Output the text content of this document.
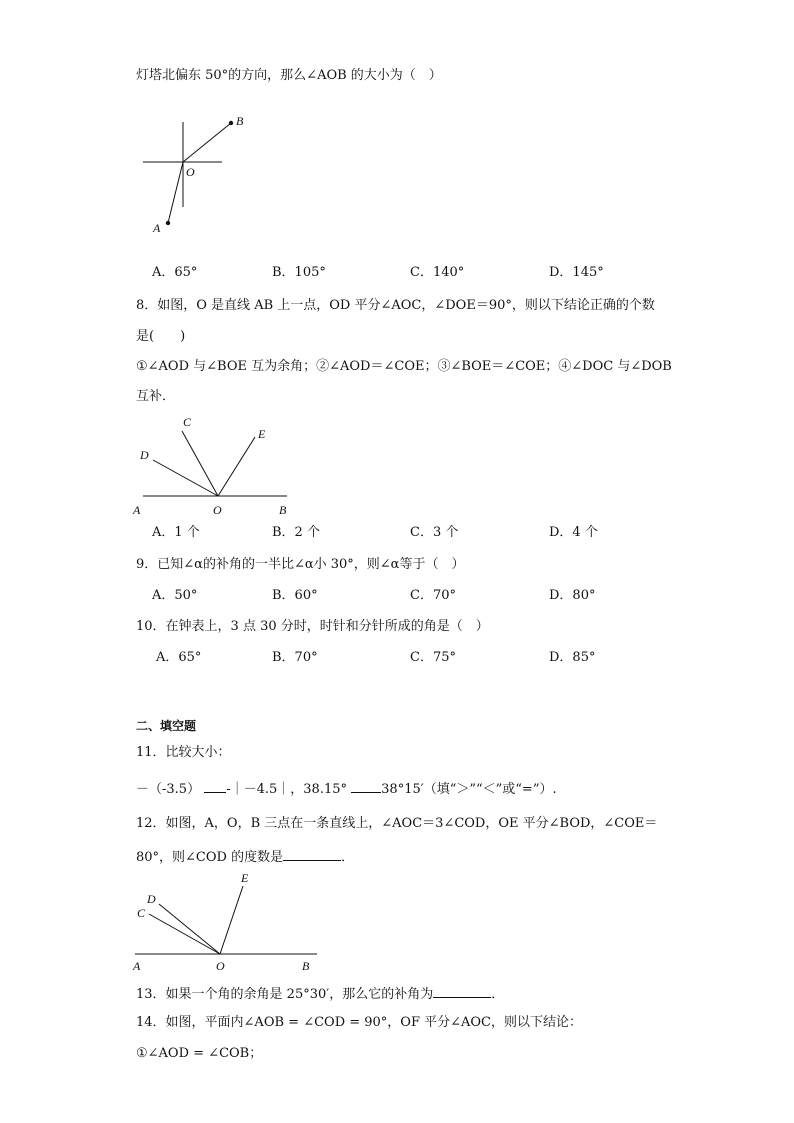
灯塔北偏东 50°的方向，那么∠AOB 的大小为（　）
B
O
A
A．65°	B．105°	C．140°	D．145°
8．如图，O 是直线 AB 上一点，OD 平分∠AOC，∠DOE＝90°，则以下结论正确的个数
是(　　)
①∠AOD 与∠BOE 互为余角；②∠AOD＝∠COE；③∠BOE＝∠COE；④∠DOC 与∠DOB
互补．
C
E
D
A	O	B
A．1 个	B．2 个	C．3 个	D．4 个
9．已知∠α的补角的一半比∠α小 30°，则∠α等于（　）
A．50°	B．60°	C．70°	D．80°
10．在钟表上，3 点 30 分时，时针和分针所成的角是（　）
A．65°	B．70°	C．75°	D．85°
二、填空题
11．比较大小：
－（-3.5） -｜－4.5｜，38.15°	38°15′（填“＞”“＜”或“=”）.
12．如图，A，O，B 三点在一条直线上，∠AOC＝3∠COD，OE 平分∠BOD，∠COE＝
80°，则∠COD 的度数是	．
E
D
C
A	O	B
13．如果一个角的余角是 25°30′，那么它的补角为	．
14．如图，平面内∠AOB = ∠COD = 90°，OF 平分∠AOC，则以下结论：
①∠AOD = ∠COB；
